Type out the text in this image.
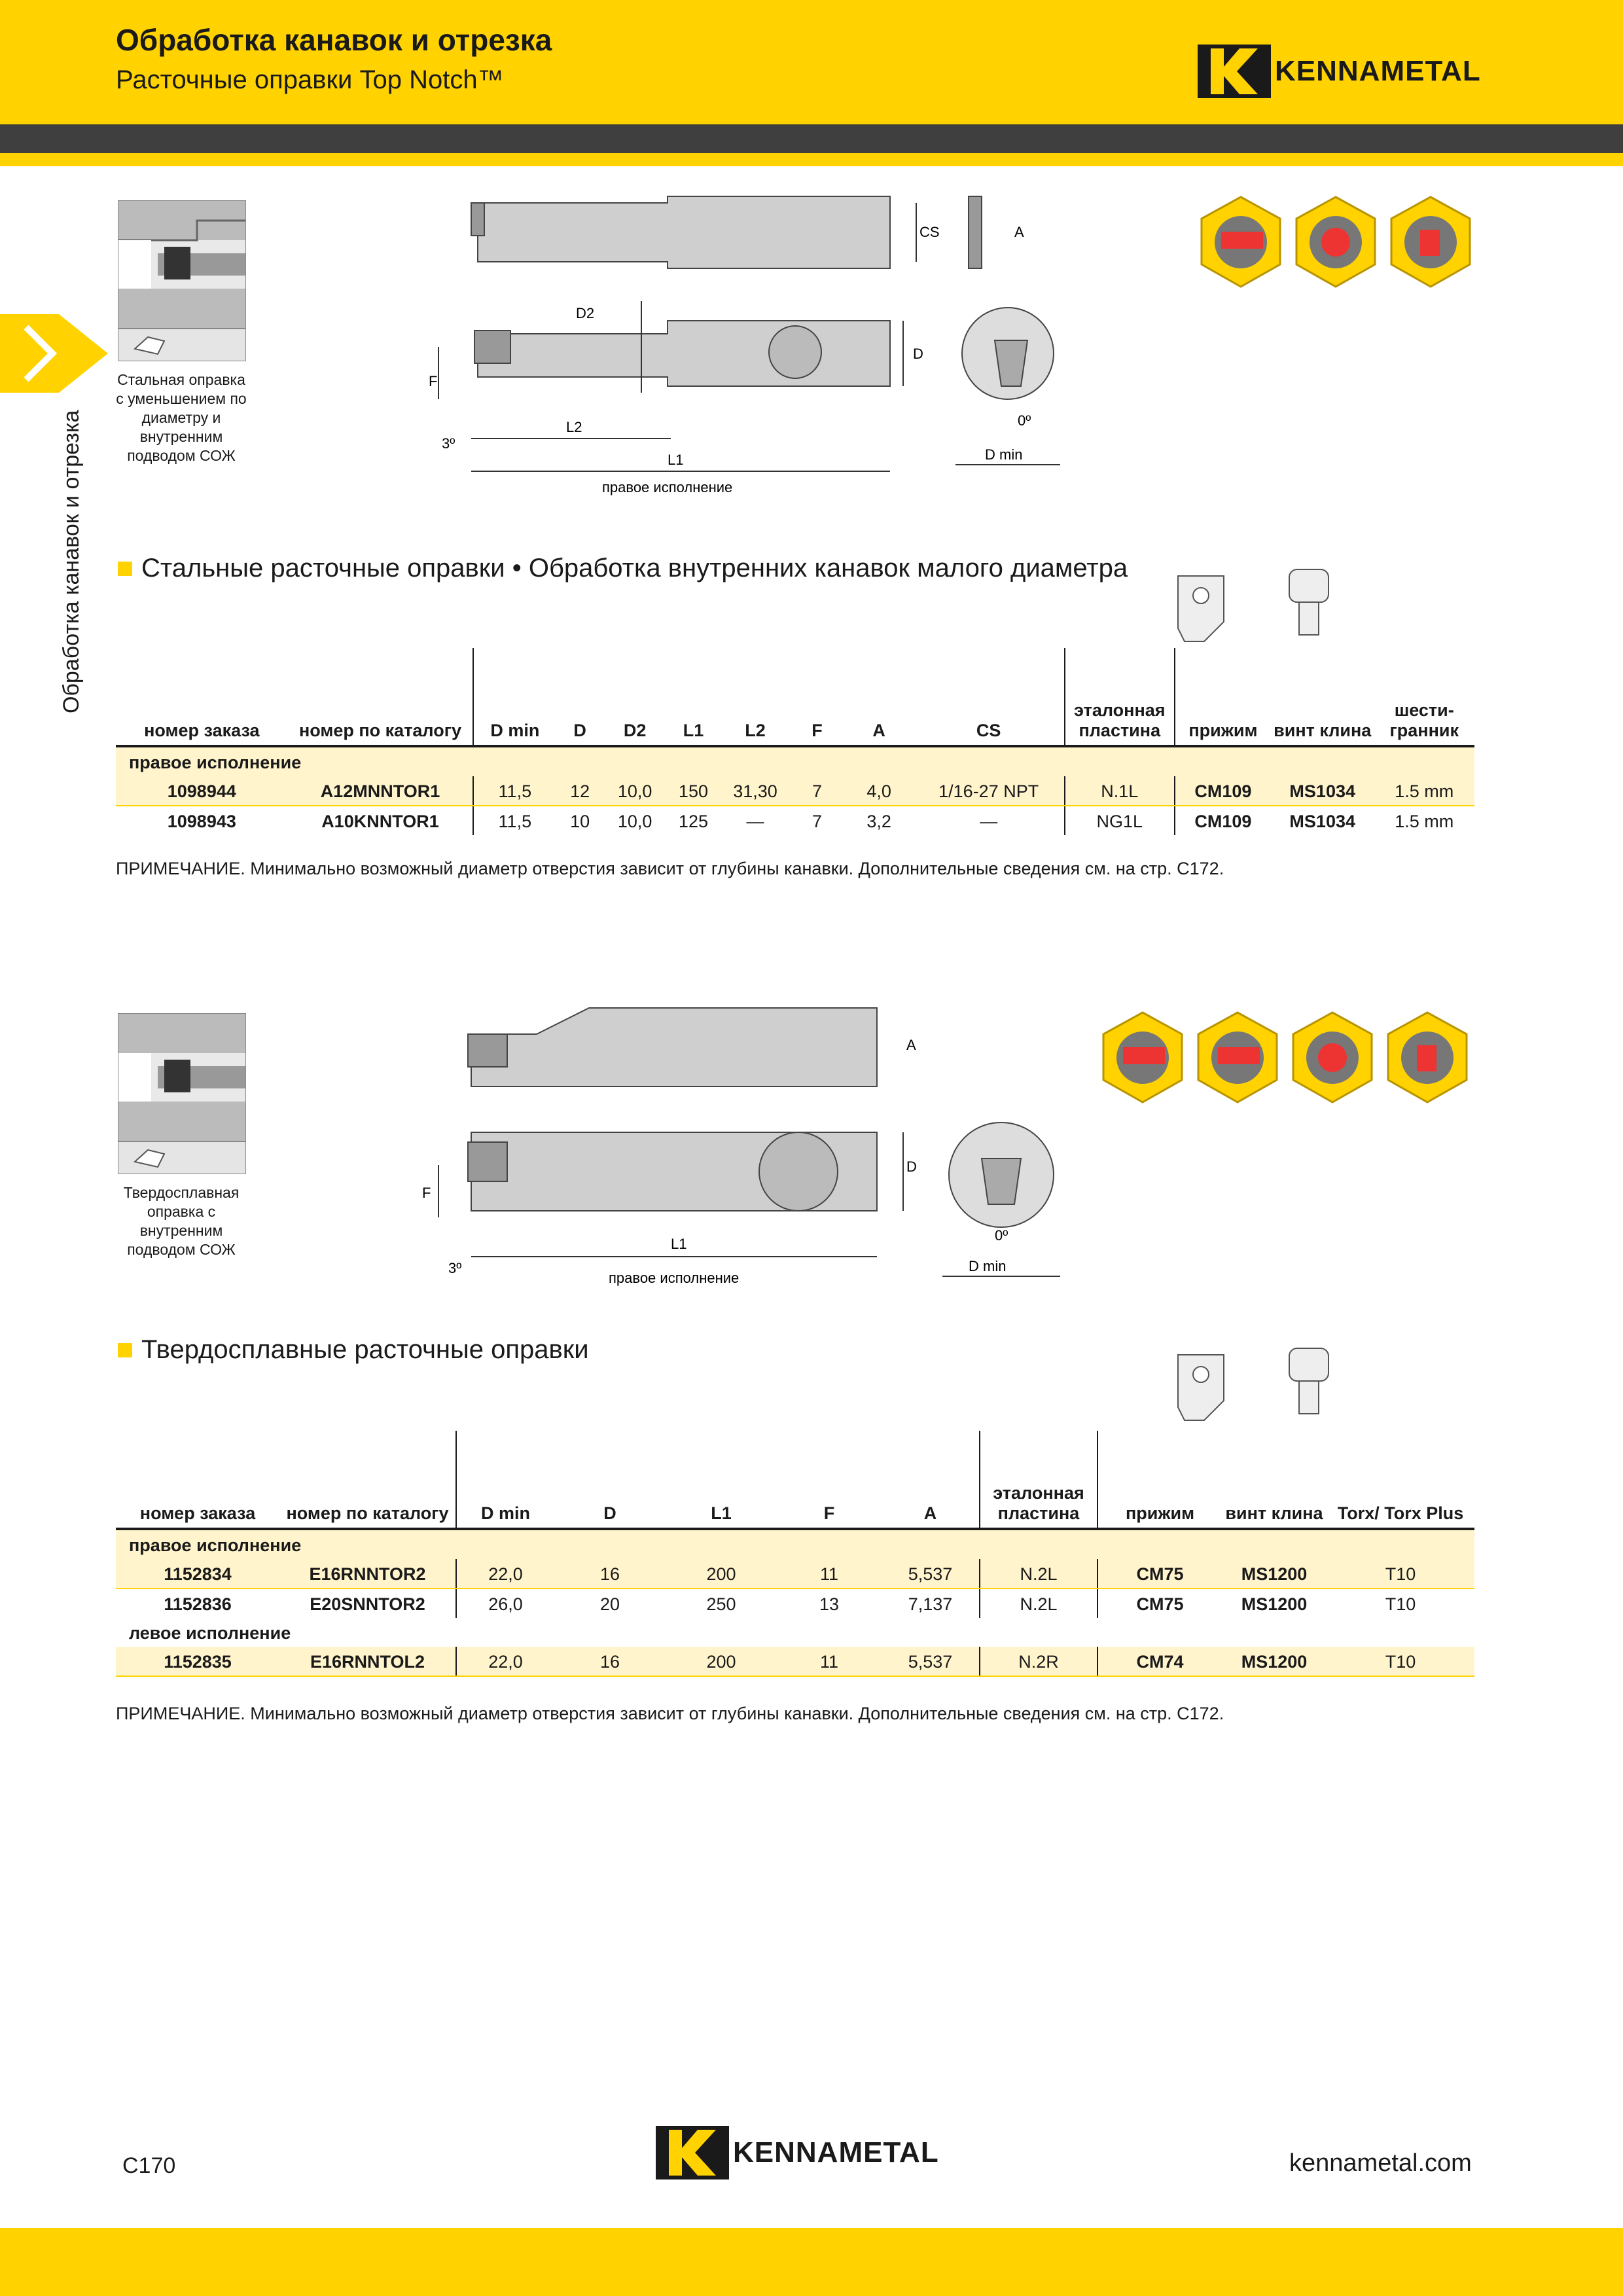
Обработка канавок и отрезка
Расточные оправки Top Notch™	KENNAMETAL
Обработка канавок и отрезка
Стальная оправка с уменьшением по диаметру и внутренним подводом СОЖ
CS	A
D2
D
F
L2
L1
3º
0º
D min
правое исполнение
Стальные расточные оправки • Обработка внутренних канавок малого диаметра
номер заказа	номер по каталогу	D min	D	D2	L1	L2	F	A	CS	эталонная пластина	прижим	винт клина	шести-гранник
правое исполнение													
1098944	A12MNNTOR1	11,5	12	10,0	150	31,30	7	4,0	1/16-27 NPT	N.1L	CM109	MS1034	1.5 mm
1098943	A10KNNTOR1	11,5	10	10,0	125	—	7	3,2	—	NG1L	CM109	MS1034	1.5 mm
ПРИМЕЧАНИЕ. Минимально возможный диаметр отверстия зависит от глубины канавки. Дополнительные сведения см. на стр. C172.
Твердосплавная оправка с внутренним подводом СОЖ
A
D
F
L1
3º
0º
D min
правое исполнение
Твердосплавные расточные оправки
номер заказа	номер по каталогу	D min	D	L1	F	A	эталонная пластина	прижим	винт клина	Torx/ Torx Plus
правое исполнение										
1152834	E16RNNTOR2	22,0	16	200	11	5,537	N.2L	CM75	MS1200	T10
1152836	E20SNNTOR2	26,0	20	250	13	7,137	N.2L	CM75	MS1200	T10
левое исполнение										
1152835	E16RNNTOL2	22,0	16	200	11	5,537	N.2R	CM74	MS1200	T10
ПРИМЕЧАНИЕ. Минимально возможный диаметр отверстия зависит от глубины канавки. Дополнительные сведения см. на стр. C172.
C170	KENNAMETAL	kennametal.com
